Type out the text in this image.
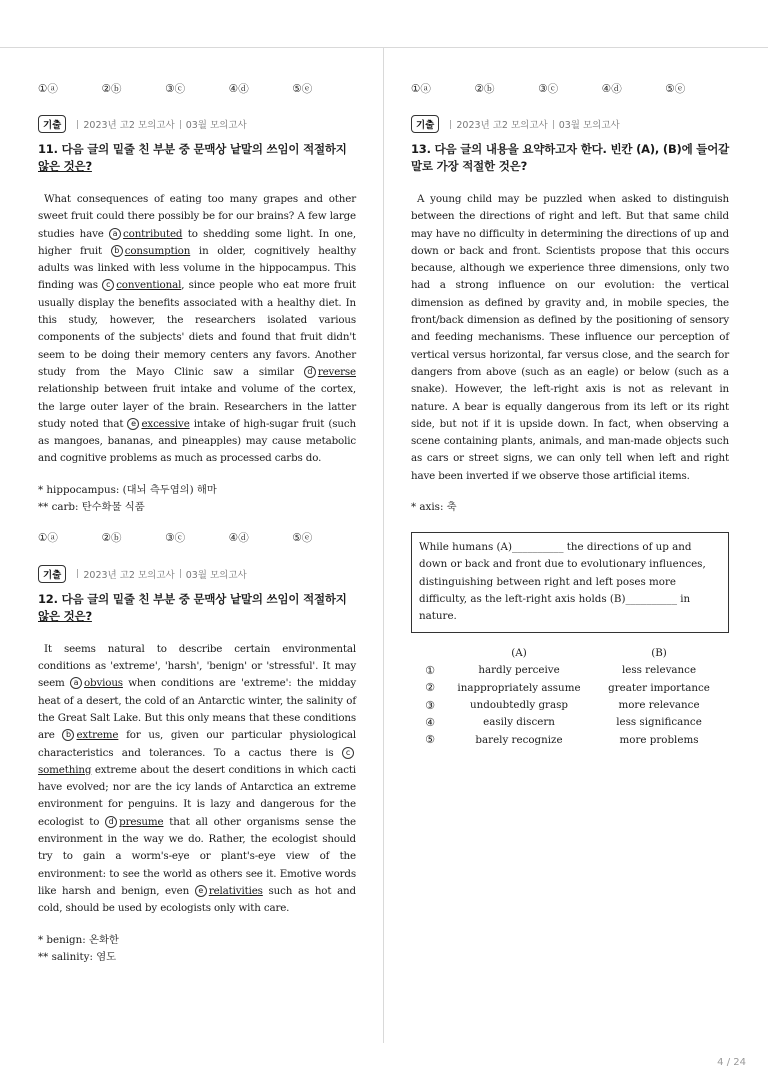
①ⓐ	②ⓑ	③ⓒ	④ⓓ	⑤ⓔ
기출	2023년 고2 모의고사 03월 모의고사
11. 다음 글의 밑줄 친 부분 중 문맥상 낱말의 쓰임이 적절하지
않은 것은?
What consequences of eating too many grapes and other sweet fruit could there possibly be for our brains? A few large studies have a contributed to shedding some light. In one, higher fruit b consumption in older, cognitively healthy adults was linked with less volume in the hippocampus. This finding was c conventional, since people who eat more fruit usually display the benefits associated with a healthy diet. In this study, however, the researchers isolated various components of the subjects' diets and found that fruit didn't seem to be doing their memory centers any favors. Another study from the Mayo Clinic saw a similar d reverse relationship between fruit intake and volume of the cortex, the large outer layer of the brain. Researchers in the latter study noted that e excessive intake of high-sugar fruit (such as mangoes, bananas, and pineapples) may cause metabolic and cognitive problems as much as processed carbs do.
* hippocampus: (대뇌 측두엽의) 해마
** carb: 탄수화물 식품
①ⓐ	②ⓑ	③ⓒ	④ⓓ	⑤ⓔ
기출	2023년 고2 모의고사 03월 모의고사
12. 다음 글의 밑줄 친 부분 중 문맥상 낱말의 쓰임이 적절하지
않은 것은?
It seems natural to describe certain environmental conditions as 'extreme', 'harsh', 'benign' or 'stressful'. It may seem a obvious when conditions are 'extreme': the midday heat of a desert, the cold of an Antarctic winter, the salinity of the Great Salt Lake. But this only means that these conditions are b extreme for us, given our particular physiological characteristics and tolerances. To a cactus there is csomething extreme about the desert conditions in which cacti have evolved; nor are the icy lands of Antarctica an extreme environment for penguins. It is lazy and dangerous for the ecologist to d presume that all other organisms sense the environment in the way we do. Rather, the ecologist should try to gain a worm's-eye or plant's-eye view of the environment: to see the world as others see it. Emotive words like harsh and benign, even e relativities such as hot and cold, should be used by ecologists only with care.
* benign: 온화한
** salinity: 염도
①ⓐ	②ⓑ	③ⓒ	④ⓓ	⑤ⓔ
기출	2023년 고2 모의고사 03월 모의고사
13. 다음 글의 내용을 요약하고자 한다. 빈칸 (A), (B)에 들어갈 말로 가장 적절한 것은?
A young child may be puzzled when asked to distinguish between the directions of right and left. But that same child may have no difficulty in determining the directions of up and down or back and front. Scientists propose that this occurs because, although we experience three dimensions, only two had a strong influence on our evolution: the vertical dimension as defined by gravity and, in mobile species, the front/back dimension as defined by the positioning of sensory and feeding mechanisms. These influence our perception of vertical versus horizontal, far versus close, and the search for dangers from above (such as an eagle) or below (such as a snake). However, the left-right axis is not as relevant in nature. A bear is equally dangerous from its left or its right side, but not if it is upside down. In fact, when observing a scene containing plants, animals, and man-made objects such as cars or street signs, we can only tell when left and right have been inverted if we observe those artificial items.
* axis: 축
While humans (A)__________ the directions of up and down or back and front due to evolutionary influences, distinguishing between right and left poses more difficulty, as the left-right axis holds (B)__________ in nature.
	(A)	(B)
①	hardly perceive	less relevance
②	inappropriately assume	greater importance
③	undoubtedly grasp	more relevance
④	easily discern	less significance
⑤	barely recognize	more problems
4 / 24
